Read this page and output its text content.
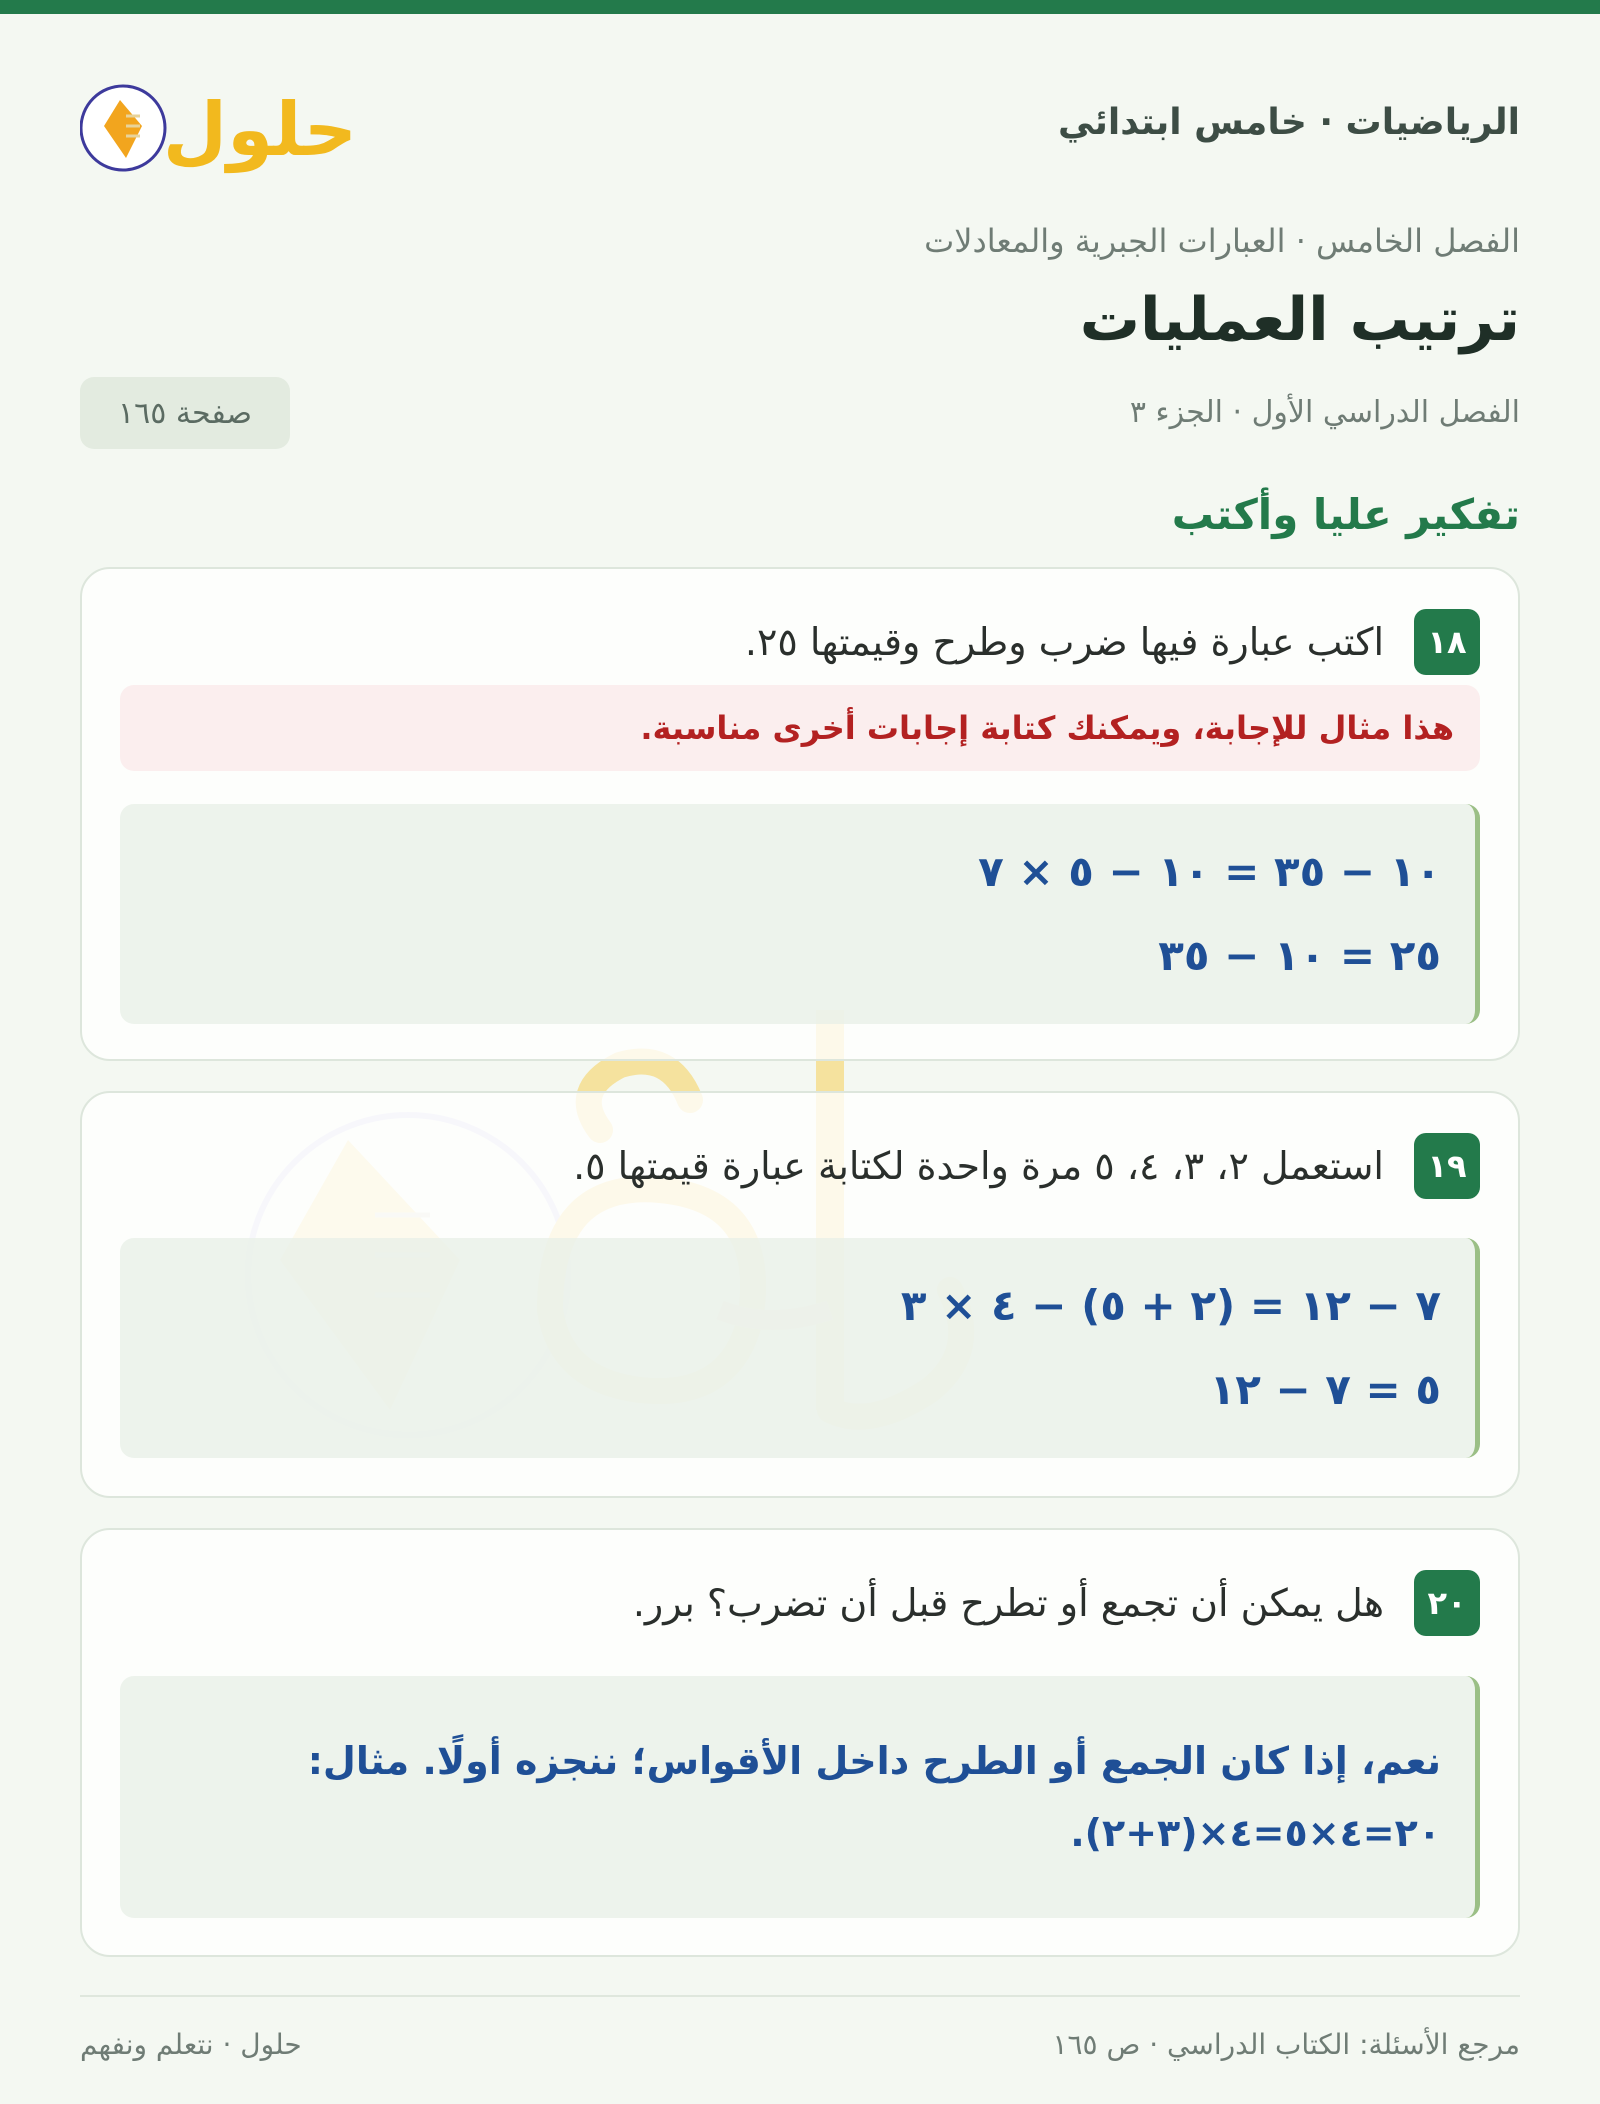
الرياضيات · خامس ابتدائي
حلول
الفصل الخامس · العبارات الجبرية والمعادلات
ترتيب العمليات
الفصل الدراسي الأول · الجزء ٣
صفحة ١٦٥
تفكير عليا وأكتب
١٨
اكتب عبارة فيها ضرب وطرح وقيمتها ٢٥.
هذا مثال للإجابة، ويمكنك كتابة إجابات أخرى مناسبة.
١٠ − ٣٥ = ١٠ − ٥ × ٧
٢٥ = ١٠ − ٣٥
١٩
استعمل ٢، ٣، ٤، ٥ مرة واحدة لكتابة عبارة قيمتها ٥.
٧ − ١٢ = (٢ + ٥) − ٤ × ٣
٥ = ٧ − ١٢
٢٠
هل يمكن أن تجمع أو تطرح قبل أن تضرب؟ برر.
نعم، إذا كان الجمع أو الطرح داخل الأقواس؛ ننجزه أولًا. مثال:
.٢٠=٤×٥=٤×(٣+٢)
مرجع الأسئلة: الكتاب الدراسي · ص ١٦٥
حلول · نتعلم ونفهم
